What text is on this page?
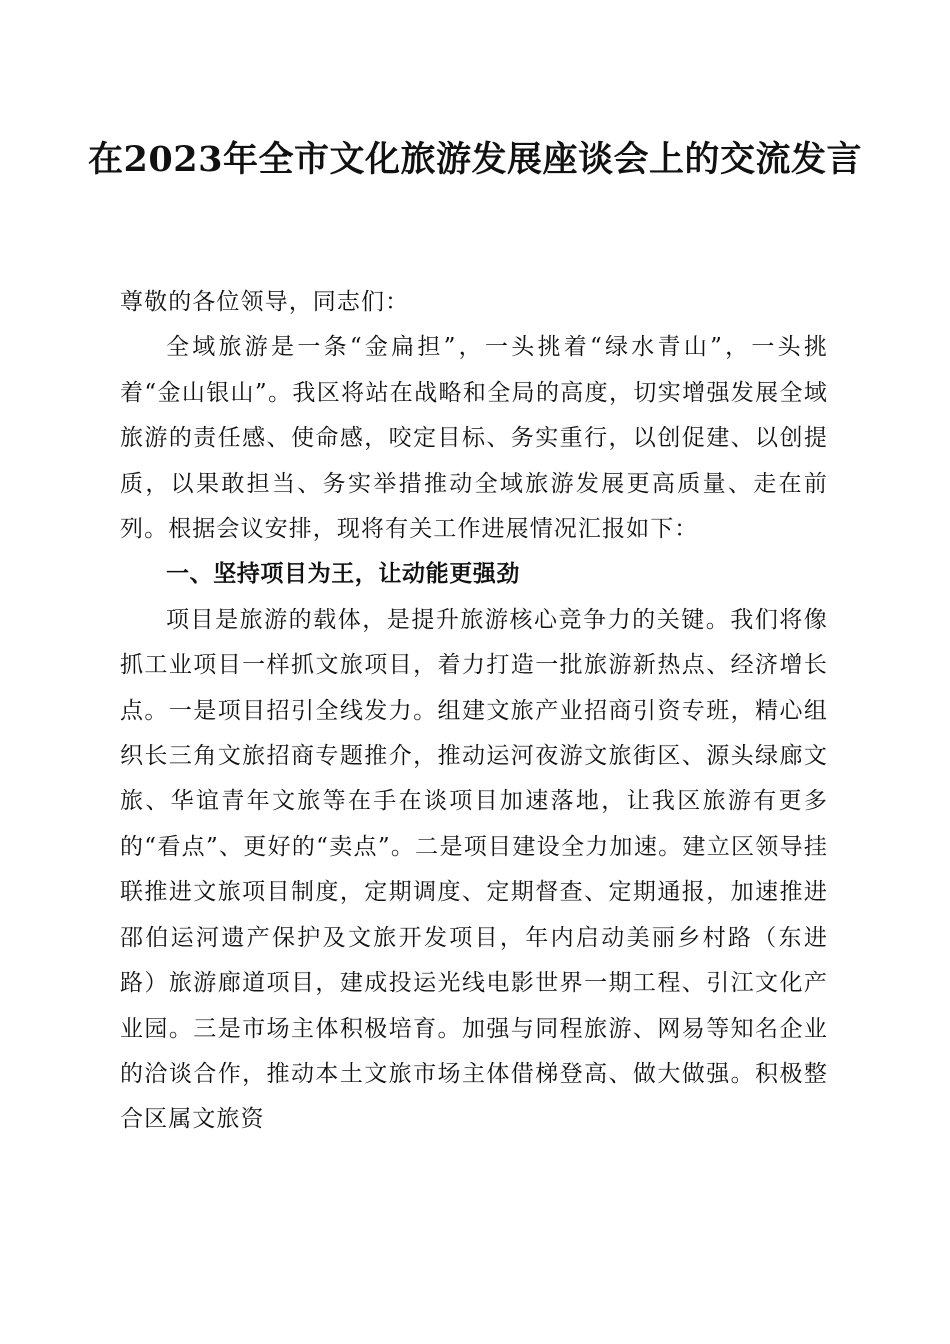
在2023年全市文化旅游发展座谈会上的交流发言

尊敬的各位领导，同志们：

全域旅游是一条“金扁担”，一头挑着“绿水青山”，一头挑着“金山银山”。我区将站在战略和全局的高度，切实增强发展全域旅游的责任感、使命感，咬定目标、务实重行，以创促建、以创提质，以果敢担当、务实举措推动全域旅游发展更高质量、走在前列。根据会议安排，现将有关工作进展情况汇报如下：

一、坚持项目为王，让动能更强劲

项目是旅游的载体，是提升旅游核心竞争力的关键。我们将像抓工业项目一样抓文旅项目，着力打造一批旅游新热点、经济增长点。一是项目招引全线发力。组建文旅产业招商引资专班，精心组织长三角文旅招商专题推介，推动运河夜游文旅街区、源头绿廊文旅、华谊青年文旅等在手在谈项目加速落地，让我区旅游有更多的“看点”、更好的“卖点”。二是项目建设全力加速。建立区领导挂联推进文旅项目制度，定期调度、定期督查、定期通报，加速推进邵伯运河遗产保护及文旅开发项目，年内启动美丽乡村路（东进路）旅游廊道项目，建成投运光线电影世界一期工程、引江文化产业园。三是市场主体积极培育。加强与同程旅游、网易等知名企业的洽谈合作，推动本土文旅市场主体借梯登高、做大做强。积极整合区属文旅资
